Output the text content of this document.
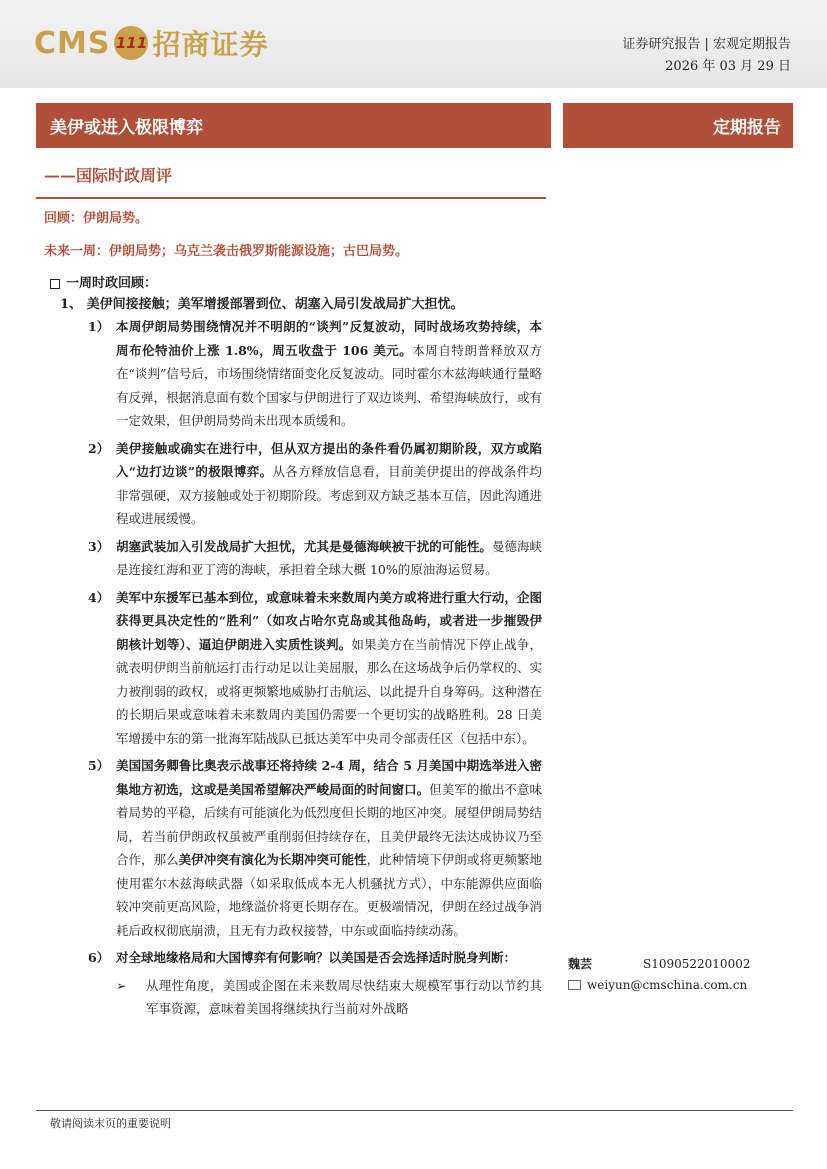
CMS 111 招商证券	证券研究报告 | 宏观定期报告
2026 年 03 月 29 日
美伊或进入极限博弈	定期报告
——国际时政周评
回顾：伊朗局势。
未来一周：伊朗局势；乌克兰袭击俄罗斯能源设施；古巴局势。
一周时政回顾：
1、 美伊间接接触；美军增援部署到位、胡塞入局引发战局扩大担忧。
1） 本周伊朗局势围绕情况并不明朗的“谈判”反复波动，同时战场攻势持续，本周布伦特油价上涨 1.8%，周五收盘于 106 美元。本周自特朗普释放双方在“谈判”信号后，市场围绕情绪面变化反复波动。同时霍尔木兹海峡通行量略有反弹，根据消息面有数个国家与伊朗进行了双边谈判、希望海峡放行，或有一定效果，但伊朗局势尚未出现本质缓和。
2） 美伊接触或确实在进行中，但从双方提出的条件看仍属初期阶段，双方或陷入“边打边谈”的极限博弈。从各方释放信息看，目前美伊提出的停战条件均非常强硬，双方接触或处于初期阶段。考虑到双方缺乏基本互信，因此沟通进程或进展缓慢。
3） 胡塞武装加入引发战局扩大担忧，尤其是曼德海峡被干扰的可能性。曼德海峡是连接红海和亚丁湾的海峡，承担着全球大概 10%的原油海运贸易。
4） 美军中东援军已基本到位，或意味着未来数周内美方或将进行重大行动，企图获得更具决定性的“胜利”（如攻占哈尔克岛或其他岛屿，或者进一步摧毁伊朗核计划等）、逼迫伊朗进入实质性谈判。如果美方在当前情况下停止战争，就表明伊朗当前航运打击行动足以让美屈服，那么在这场战争后仍掌权的、实力被削弱的政权，或将更频繁地威胁打击航运、以此提升自身筹码。这种潜在的长期后果或意味着未来数周内美国仍需要一个更切实的战略胜利。28 日美军增援中东的第一批海军陆战队已抵达美军中央司令部责任区（包括中东）。
5） 美国国务卿鲁比奥表示战事还将持续 2-4 周，结合 5 月美国中期选举进入密集地方初选，这或是美国希望解决严峻局面的时间窗口。但美军的撤出不意味着局势的平稳，后续有可能演化为低烈度但长期的地区冲突。展望伊朗局势结局，若当前伊朗政权虽被严重削弱但持续存在，且美伊最终无法达成协议乃至合作，那么美伊冲突有演化为长期冲突可能性，此种情境下伊朗或将更频繁地使用霍尔木兹海峡武器（如采取低成本无人机骚扰方式），中东能源供应面临较冲突前更高风险，地缘溢价将更长期存在。更极端情况，伊朗在经过战争消耗后政权彻底崩溃，且无有力政权接替，中东或面临持续动荡。
6） 对全球地缘格局和大国博弈有何影响？以美国是否会选择适时脱身判断：
➢	从理性角度，美国或企图在未来数周尽快结束大规模军事行动以节约其军事资源，意味着美国将继续执行当前对外战略
魏芸	S1090522010002
weiyun@cmschina.com.cn
敬请阅读末页的重要说明
